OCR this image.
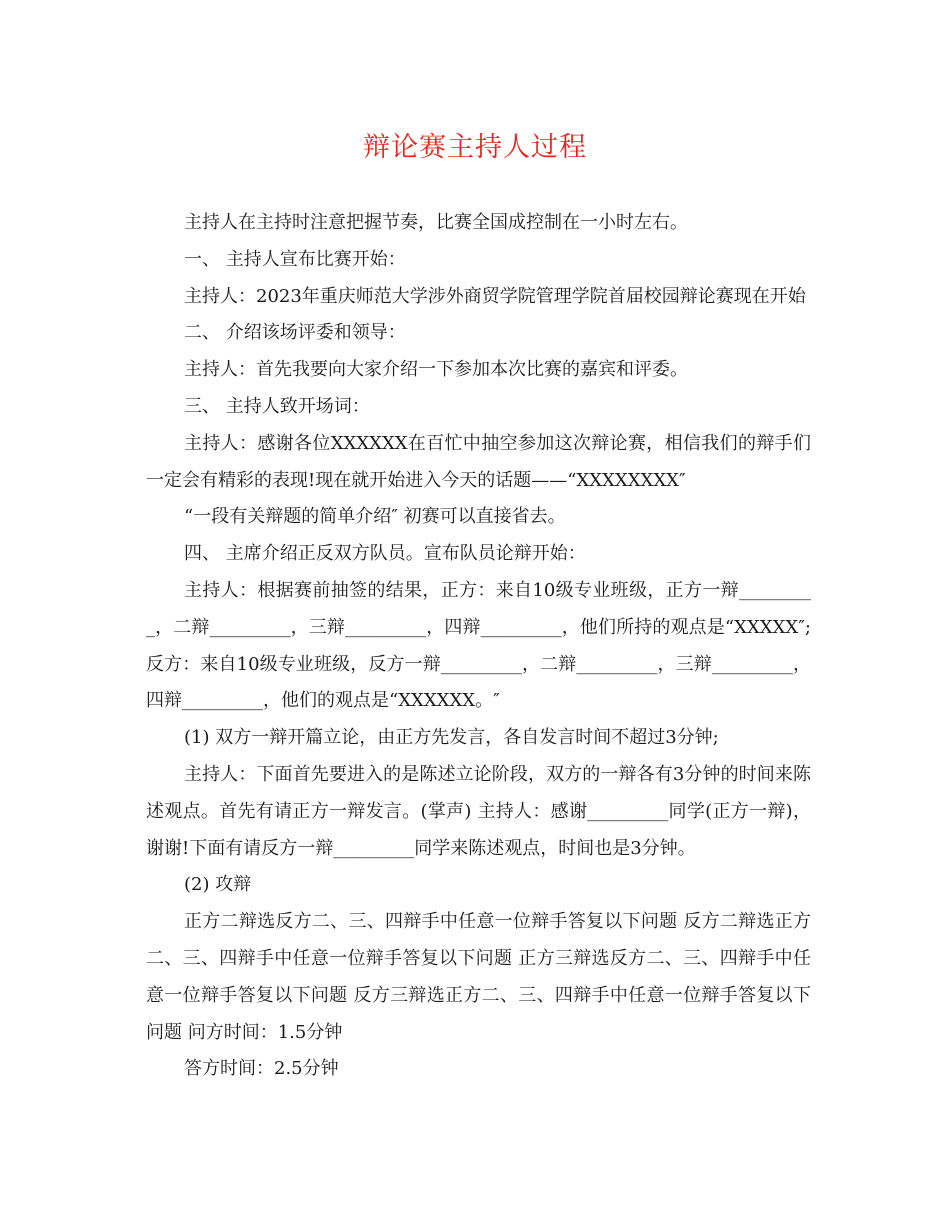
辩论赛主持人过程

主持人在主持时注意把握节奏，比赛全国成控制在一小时左右。

一、 主持人宣布比赛开始：

主持人：2023年重庆师范大学涉外商贸学院管理学院首届校园辩论赛现在开始

二、 介绍该场评委和领导：

主持人：首先我要向大家介绍一下参加本次比赛的嘉宾和评委。

三、 主持人致开场词：

主持人：感谢各位XXXXXX在百忙中抽空参加这次辩论赛，相信我们的辩手们一定会有精彩的表现!现在就开始进入今天的话题——“XXXXXXXX″

“一段有关辩题的简单介绍″ 初赛可以直接省去。

四、 主席介绍正反双方队员。宣布队员论辩开始：

主持人：根据赛前抽签的结果，正方：来自10级专业班级，正方一辩_________，二辩_________，三辩_________，四辩_________，他们所持的观点是“XXXXX″;反方：来自10级专业班级，反方一辩_________，二辩_________，三辩_________，四辩_________，他们的观点是“XXXXXX。″

(1) 双方一辩开篇立论，由正方先发言，各自发言时间不超过3分钟;

主持人：下面首先要进入的是陈述立论阶段，双方的一辩各有3分钟的时间来陈述观点。首先有请正方一辩发言。(掌声) 主持人：感谢_________同学(正方一辩)，谢谢!下面有请反方一辩_________同学来陈述观点，时间也是3分钟。

(2) 攻辩

正方二辩选反方二、三、四辩手中任意一位辩手答复以下问题 反方二辩选正方二、三、四辩手中任意一位辩手答复以下问题 正方三辩选反方二、三、四辩手中任意一位辩手答复以下问题 反方三辩选正方二、三、四辩手中任意一位辩手答复以下问题 问方时间：1.5分钟

答方时间：2.5分钟
